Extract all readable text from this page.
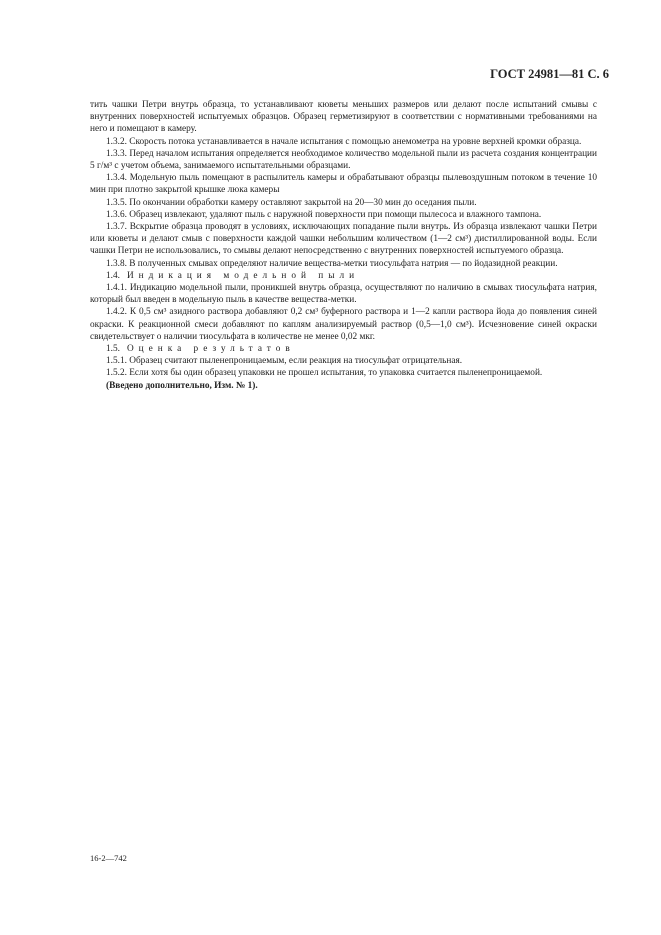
ГОСТ 24981—81 С. 6

тить чашки Петри внутрь образца, то устанавливают кюветы меньших размеров или делают после испытаний смывы с внутренних поверхностей испытуемых образцов. Образец герметизируют в соответствии с нормативными требованиями на него и помещают в камеру.

1.3.2. Скорость потока устанавливается в начале испытания с помощью анемометра на уровне верхней кромки образца.

1.3.3. Перед началом испытания определяется необходимое количество модельной пыли из расчета создания концентрации 5 г/м³ с учетом объема, занимаемого испытательными образцами.

1.3.4. Модельную пыль помещают в распылитель камеры и обрабатывают образцы пылевоздушным потоком в течение 10 мин при плотно закрытой крышке люка камеры

1.3.5. По окончании обработки камеру оставляют закрытой на 20—30 мин до оседания пыли.

1.3.6. Образец извлекают, удаляют пыль с наружной поверхности при помощи пылесоса и влажного тампона.

1.3.7. Вскрытие образца проводят в условиях, исключающих попадание пыли внутрь. Из образца извлекают чашки Петри или кюветы и делают смыв с поверхности каждой чашки небольшим количеством (1—2 см³) дистиллированной воды. Если чашки Петри не использовались, то смывы делают непосредственно с внутренних поверхностей испытуемого образца.

1.3.8. В полученных смывах определяют наличие вещества-метки тиосульфата натрия — по йодазидной реакции.

1.4. Индикация модельной пыли

1.4.1. Индикацию модельной пыли, проникшей внутрь образца, осуществляют по наличию в смывах тиосульфата натрия, который был введен в модельную пыль в качестве вещества-метки.

1.4.2. К 0,5 см³ азидного раствора добавляют 0,2 см³ буферного раствора и 1—2 капли раствора йода до появления синей окраски. К реакционной смеси добавляют по каплям анализируемый раствор (0,5—1,0 см³). Исчезновение синей окраски свидетельствует о наличии тиосульфата в количестве не менее 0,02 мкг.

1.5. Оценка результатов

1.5.1. Образец считают пыленепроницаемым, если реакция на тиосульфат отрицательная.

1.5.2. Если хотя бы один образец упаковки не прошел испытания, то упаковка считается пыленепроницаемой.

(Введено дополнительно, Изм. № 1).

16-2—742
